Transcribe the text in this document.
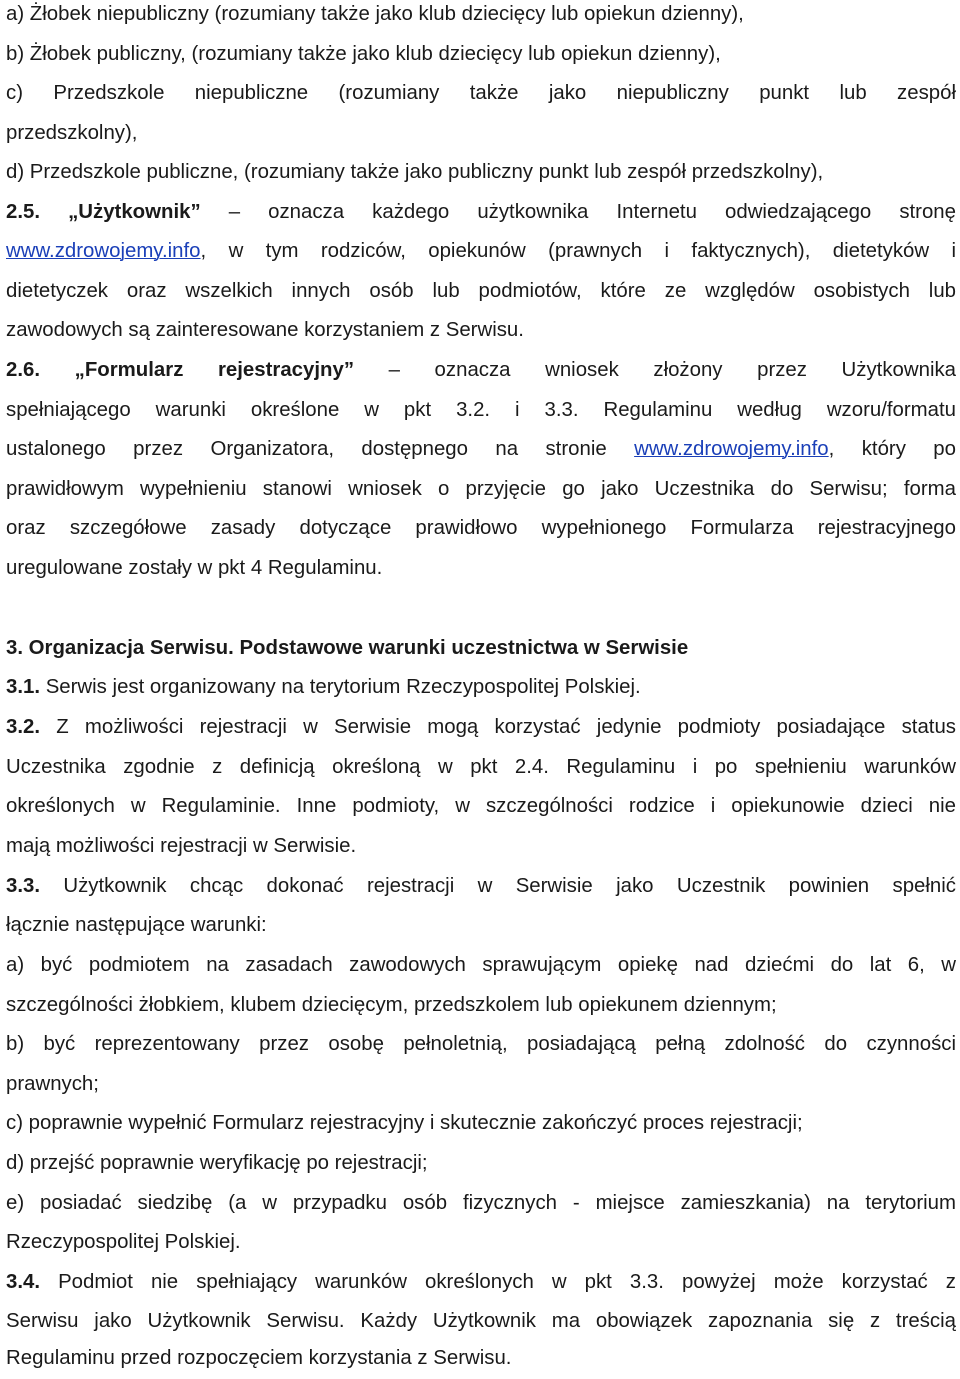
a) Żłobek niepubliczny (rozumiany także jako klub dziecięcy lub opiekun dzienny),
b) Żłobek publiczny, (rozumiany także jako klub dziecięcy lub opiekun dzienny),
c) Przedszkole niepubliczne (rozumiany także jako niepubliczny punkt lub zespół
przedszkolny),
d) Przedszkole publiczne, (rozumiany także jako publiczny punkt lub zespół przedszkolny),
2.5. „Użytkownik” – oznacza każdego użytkownika Internetu odwiedzającego stronę
www.zdrowojemy.info, w tym rodziców, opiekunów (prawnych i faktycznych), dietetyków i
dietetyczek oraz wszelkich innych osób lub podmiotów, które ze względów osobistych lub
zawodowych są zainteresowane korzystaniem z Serwisu.
2.6. „Formularz rejestracyjny” – oznacza wniosek złożony przez Użytkownika
spełniającego warunki określone w pkt 3.2. i 3.3. Regulaminu według wzoru/formatu
ustalonego przez Organizatora, dostępnego na stronie www.zdrowojemy.info, który po
prawidłowym wypełnieniu stanowi wniosek o przyjęcie go jako Uczestnika do Serwisu; forma
oraz szczegółowe zasady dotyczące prawidłowo wypełnionego Formularza rejestracyjnego
uregulowane zostały w pkt 4 Regulaminu.
3. Organizacja Serwisu. Podstawowe warunki uczestnictwa w Serwisie
3.1. Serwis jest organizowany na terytorium Rzeczypospolitej Polskiej.
3.2. Z możliwości rejestracji w Serwisie mogą korzystać jedynie podmioty posiadające status
Uczestnika zgodnie z definicją określoną w pkt 2.4. Regulaminu i po spełnieniu warunków
określonych w Regulaminie. Inne podmioty, w szczególności rodzice i opiekunowie dzieci nie
mają możliwości rejestracji w Serwisie.
3.3. Użytkownik chcąc dokonać rejestracji w Serwisie jako Uczestnik powinien spełnić
łącznie następujące warunki:
a) być podmiotem na zasadach zawodowych sprawującym opiekę nad dziećmi do lat 6, w
szczególności żłobkiem, klubem dziecięcym, przedszkolem lub opiekunem dziennym;
b) być reprezentowany przez osobę pełnoletnią, posiadającą pełną zdolność do czynności
prawnych;
c) poprawnie wypełnić Formularz rejestracyjny i skutecznie zakończyć proces rejestracji;
d) przejść poprawnie weryfikację po rejestracji;
e) posiadać siedzibę (a w przypadku osób fizycznych - miejsce zamieszkania) na terytorium
Rzeczypospolitej Polskiej.
3.4. Podmiot nie spełniający warunków określonych w pkt 3.3. powyżej może korzystać z
Serwisu jako Użytkownik Serwisu. Każdy Użytkownik ma obowiązek zapoznania się z treścią
Regulaminu przed rozpoczęciem korzystania z Serwisu.
